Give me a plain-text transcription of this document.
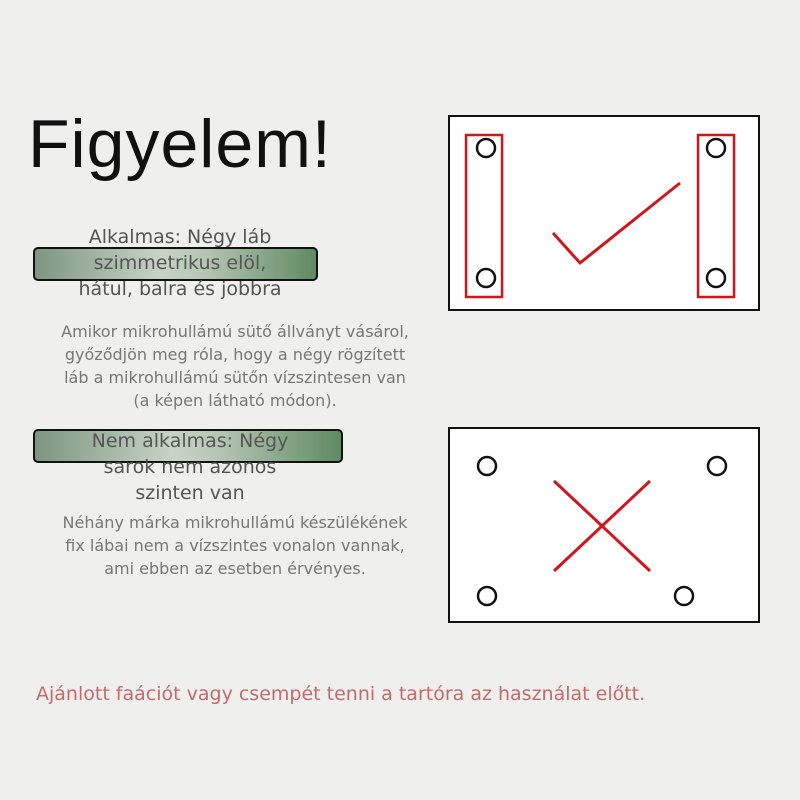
Figyelem!
Alkalmas: Négy láb
szimmetrikus elöl,
hátul, balra és jobbra
Amikor mikrohullámú sütő állványt vásárol,
győződjön meg róla, hogy a négy rögzített
láb a mikrohullámú sütőn vízszintesen van
(a képen látható módon).
Nem alkalmas: Négy
sarok nem azonos
szinten van
Néhány márka mikrohullámú készülékének
fix lábai nem a vízszintes vonalon vannak,
ami ebben az esetben érvényes.
Ajánlott faációt vagy csempét tenni a tartóra az használat előtt.
